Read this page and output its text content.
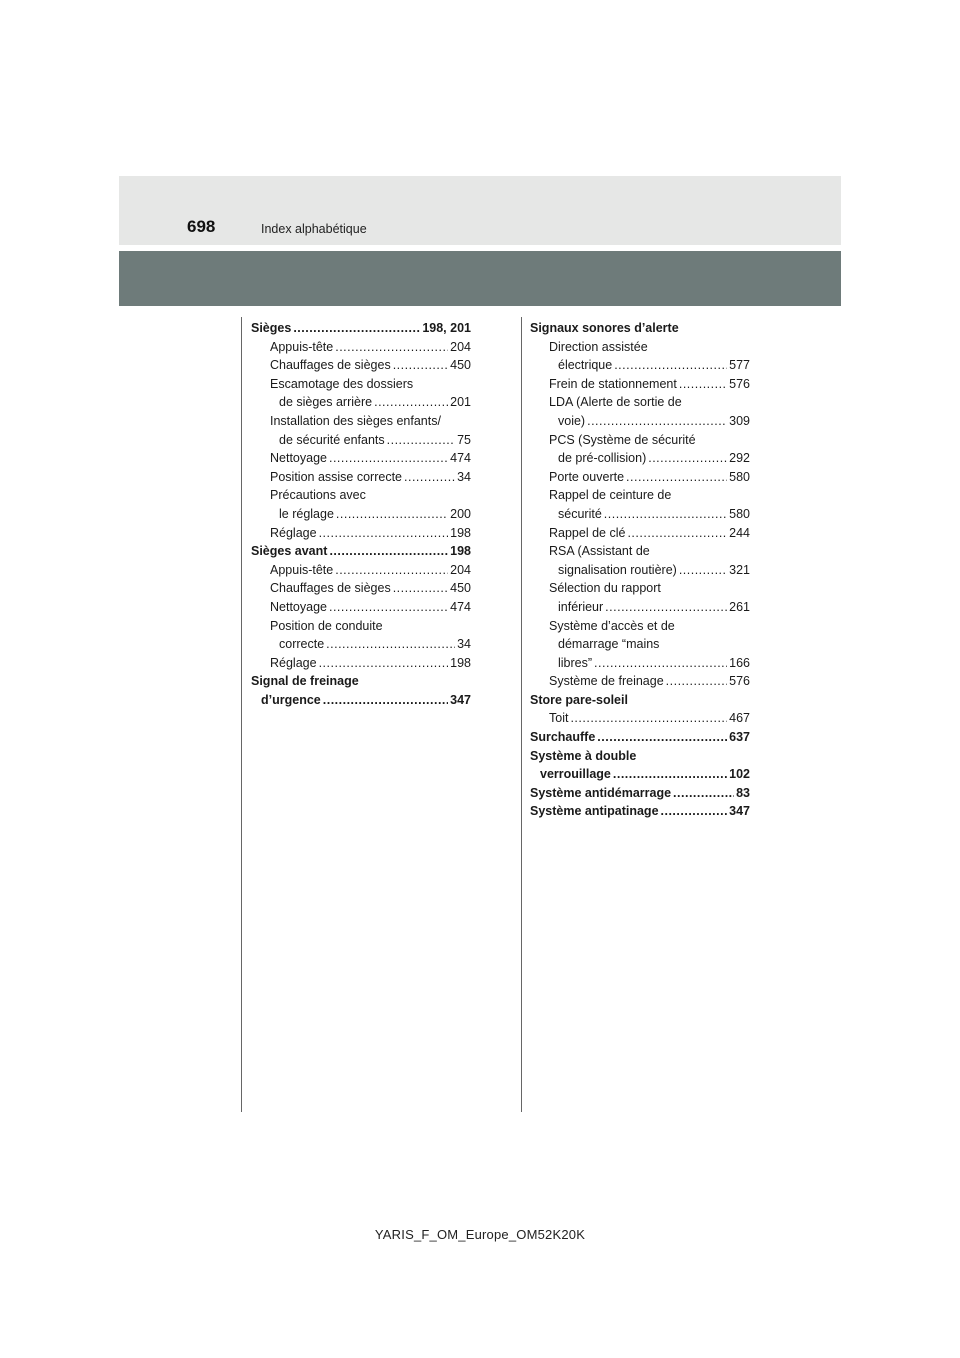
698	Index alphabétique
Sièges .....	198, 201
Appuis-tête .....	204
Chauffages de sièges .....	450
Escamotage des dossiers
de sièges arrière .....	201
Installation des sièges enfants/
de sécurité enfants .....	75
Nettoyage .....	474
Position assise correcte .....	34
Précautions avec
le réglage .....	200
Réglage .....	198
Sièges avant .....	198
Appuis-tête .....	204
Chauffages de sièges .....	450
Nettoyage .....	474
Position de conduite
correcte .....	34
Réglage .....	198
Signal de freinage
d’urgence .....	347
Signaux sonores d’alerte
Direction assistée
électrique .....	577
Frein de stationnement .....	576
LDA (Alerte de sortie de
voie) .....	309
PCS (Système de sécurité
de pré-collision) .....	292
Porte ouverte .....	580
Rappel de ceinture de
sécurité .....	580
Rappel de clé .....	244
RSA (Assistant de
signalisation routière) .....	321
Sélection du rapport
inférieur .....	261
Système d’accès et de
démarrage “mains
libres” .....	166
Système de freinage .....	576
Store pare-soleil
Toit .....	467
Surchauffe .....	637
Système à double
verrouillage .....	102
Système antidémarrage .....	83
Système antipatinage .....	347
YARIS_F_OM_Europe_OM52K20K
